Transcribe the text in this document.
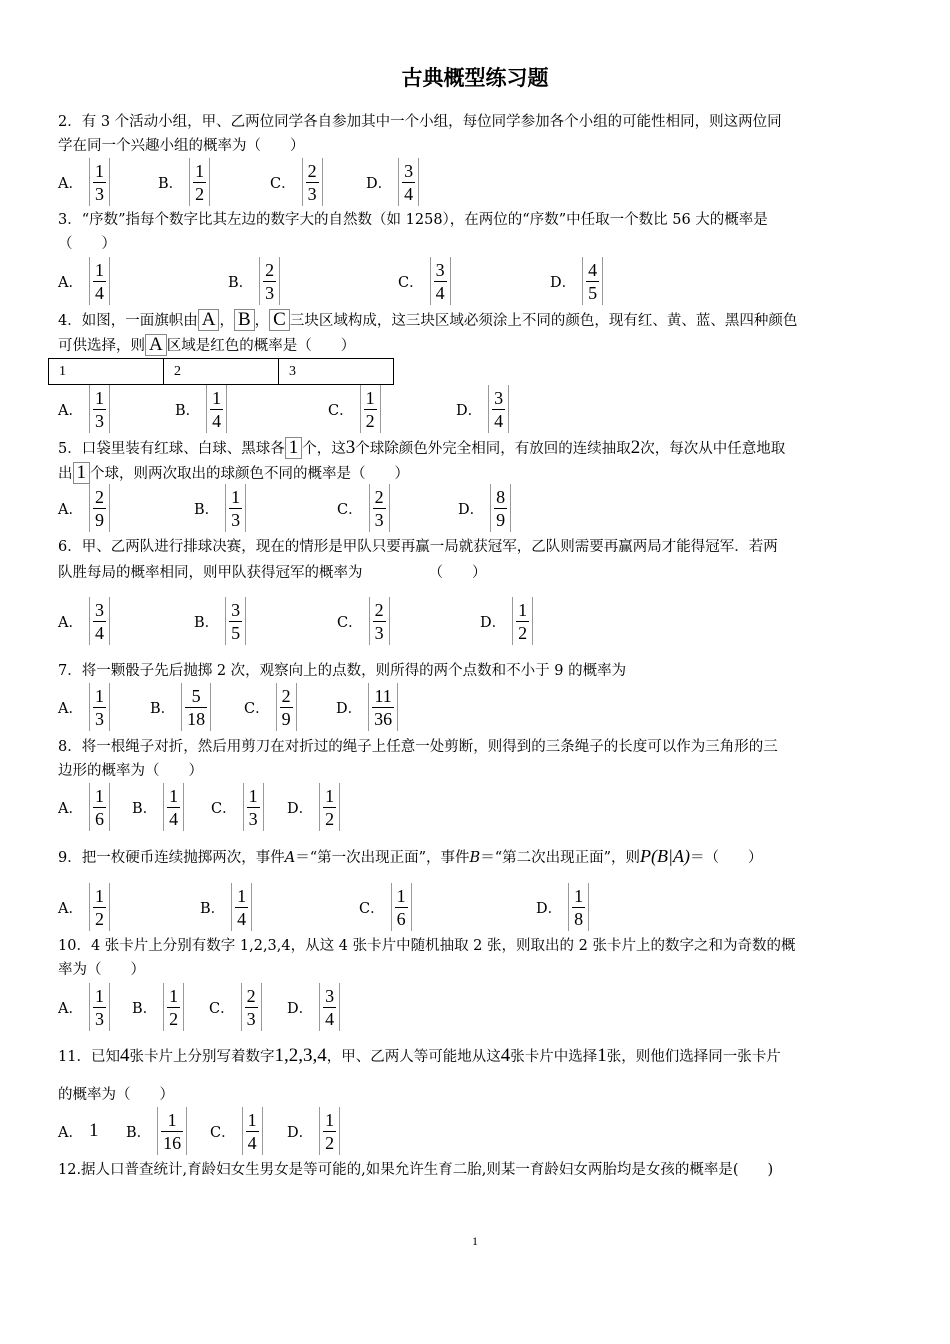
古典概型练习题
2．有 3 个活动小组，甲、乙两位同学各自参加其中一个小组，每位同学参加各个小组的可能性相同，则这两位同
学在同一个兴趣小组的概率为（　　）
A． $\frac{1}{3}$	B． $\frac{1}{2}$	C． $\frac{2}{3}$	D． $\frac{3}{4}$
3．“序数”指每个数字比其左边的数字大的自然数（如 1258），在两位的“序数”中任取一个数比 56 大的概率是
（　　）
A． $\frac{1}{4}$	B． $\frac{2}{3}$	C． $\frac{3}{4}$	D． $\frac{4}{5}$
4．如图，一面旗帜由 A ， B ， C 三块区域构成，这三块区域必须涂上不同的颜色，现有红、黄、蓝、黑四种颜色
可供选择，则 A 区域是红色的概率是（　　）
1	2	3
A． $\frac{1}{3}$	B． $\frac{1}{4}$	C． $\frac{1}{2}$	D． $\frac{3}{4}$
5．口袋里装有红球、白球、黑球各 1 个，这3个球除颜色外完全相同，有放回的连续抽取2次，每次从中任意地取
出 1 个球，则两次取出的球颜色不同的概率是（　　）
A． $\frac{2}{9}$	B． $\frac{1}{3}$	C． $\frac{2}{3}$	D． $\frac{8}{9}$
6．甲、乙两队进行排球决赛，现在的情形是甲队只要再赢一局就获冠军，乙队则需要再赢两局才能得冠军．若两
队胜每局的概率相同，则甲队获得冠军的概率为	（　　）
A． $\frac{3}{4}$	B． $\frac{3}{5}$	C． $\frac{2}{3}$	D． $\frac{1}{2}$
7．将一颗骰子先后抛掷 2 次，观察向上的点数，则所得的两个点数和不小于 9 的概率为
A． $\frac{1}{3}$	B． $\frac{5}{18}$ C． $\frac{2}{9}$	D． $\frac{11}{36}$
8．将一根绳子对折，然后用剪刀在对折过的绳子上任意一处剪断，则得到的三条绳子的长度可以作为三角形的三
边形的概率为（　　）
A． $\frac{1}{6}$ B． $\frac{1}{4}$ C． $\frac{1}{3}$ D． $\frac{1}{2}$
9．把一枚硬币连续抛掷两次，事件A＝“第一次出现正面”，事件B＝“第二次出现正面”，则P(B|A)＝（　　）
A． $\frac{1}{2}$	B． $\frac{1}{4}$	C． $\frac{1}{6}$	D． $\frac{1}{8}$
10．4 张卡片上分别有数字 1,2,3,4，从这 4 张卡片中随机抽取 2 张，则取出的 2 张卡片上的数字之和为奇数的概
率为（　　）
A． $\frac{1}{3}$ B． $\frac{1}{2}$ C． $\frac{2}{3}$ D． $\frac{3}{4}$
11．已知4张卡片上分别写着数字1,2,3,4，甲、乙两人等可能地从这4张卡片中选择1张，则他们选择同一张卡片
的概率为（　　）
A． 1 B． $\frac{1}{16}$ C． $\frac{1}{4}$ D． $\frac{1}{2}$
12.据人口普查统计,育龄妇女生男女是等可能的,如果允许生育二胎,则某一育龄妇女两胎均是女孩的概率是(　　)
1
